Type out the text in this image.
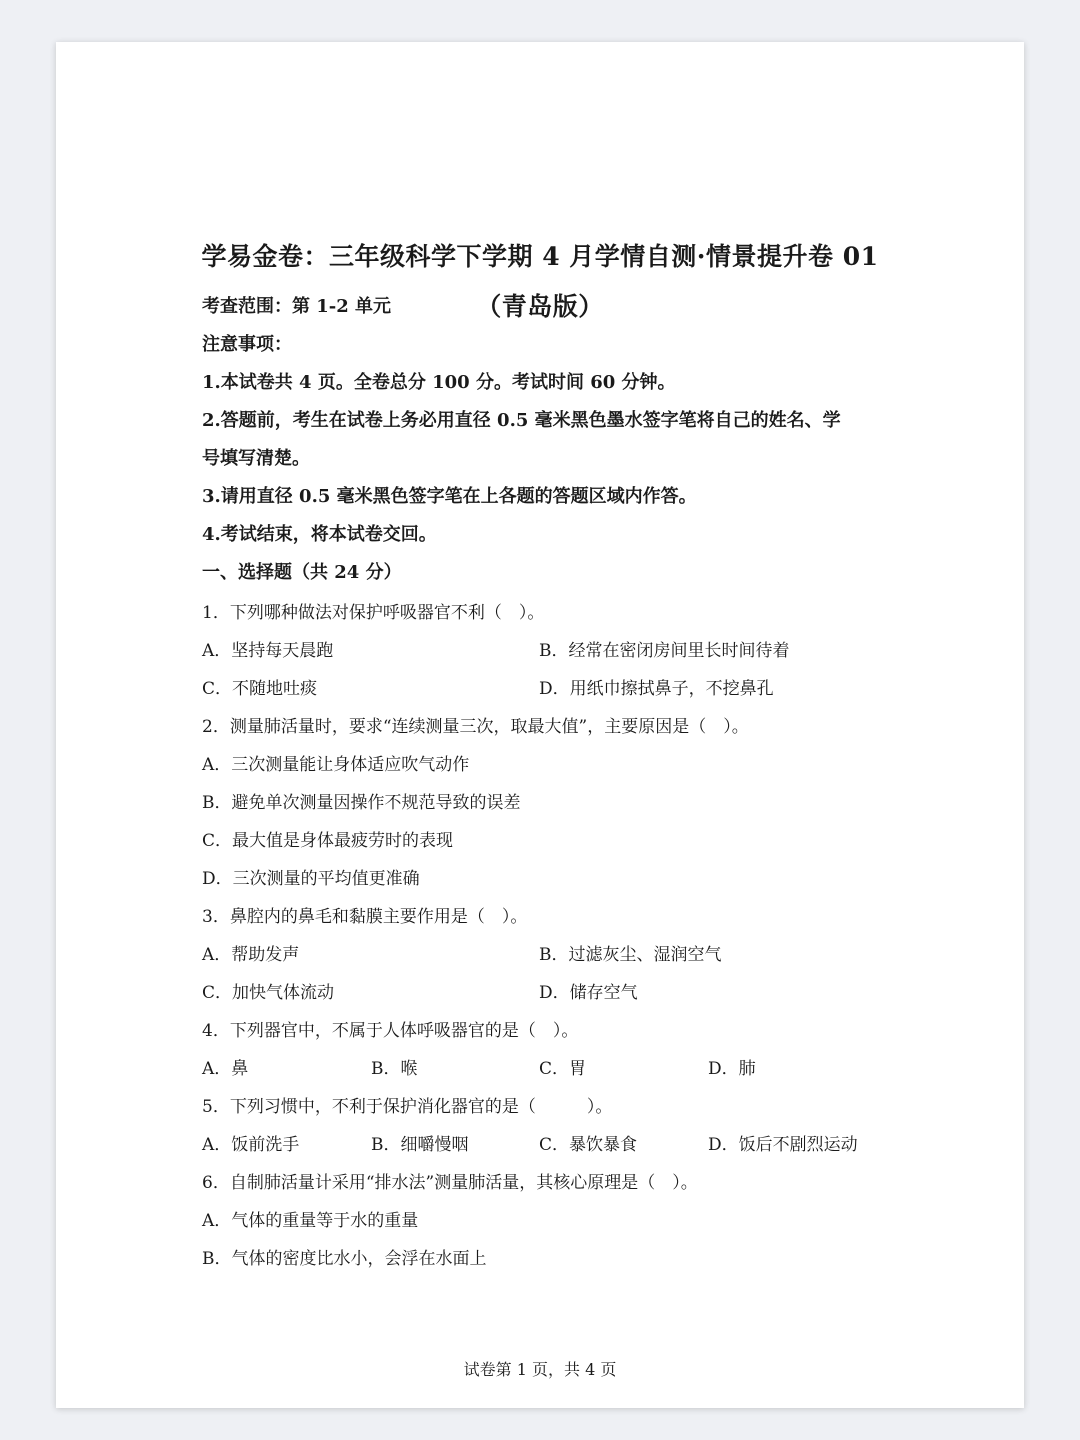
学易金卷：三年级科学下学期 4 月学情自测·情景提升卷 01
（青岛版）
考查范围：第 1-2 单元
注意事项：
1.本试卷共 4 页。全卷总分 100 分。考试时间 60 分钟。
2.答题前，考生在试卷上务必用直径 0.5 毫米黑色墨水签字笔将自己的姓名、学
号填写清楚。
3.请用直径 0.5 毫米黑色签字笔在上各题的答题区域内作答。
4.考试结束，将本试卷交回。
一、选择题（共 24 分）
1．下列哪种做法对保护呼吸器官不利（　）。
A．坚持每天晨跑	B．经常在密闭房间里长时间待着
C．不随地吐痰	D．用纸巾擦拭鼻子，不挖鼻孔
2．测量肺活量时，要求“连续测量三次，取最大值”，主要原因是（　）。
A．三次测量能让身体适应吹气动作
B．避免单次测量因操作不规范导致的误差
C．最大值是身体最疲劳时的表现
D．三次测量的平均值更准确
3．鼻腔内的鼻毛和黏膜主要作用是（　）。
A．帮助发声	B．过滤灰尘、湿润空气
C．加快气体流动	D．储存空气
4．下列器官中，不属于人体呼吸器官的是（　）。
A．鼻	B．喉	C．胃	D．肺
5．下列习惯中，不利于保护消化器官的是（　　　）。
A．饭前洗手	B．细嚼慢咽	C．暴饮暴食	D．饭后不剧烈运动
6．自制肺活量计采用“排水法”测量肺活量，其核心原理是（　）。
A．气体的重量等于水的重量
B．气体的密度比水小，会浮在水面上
试卷第 1 页，共 4 页
